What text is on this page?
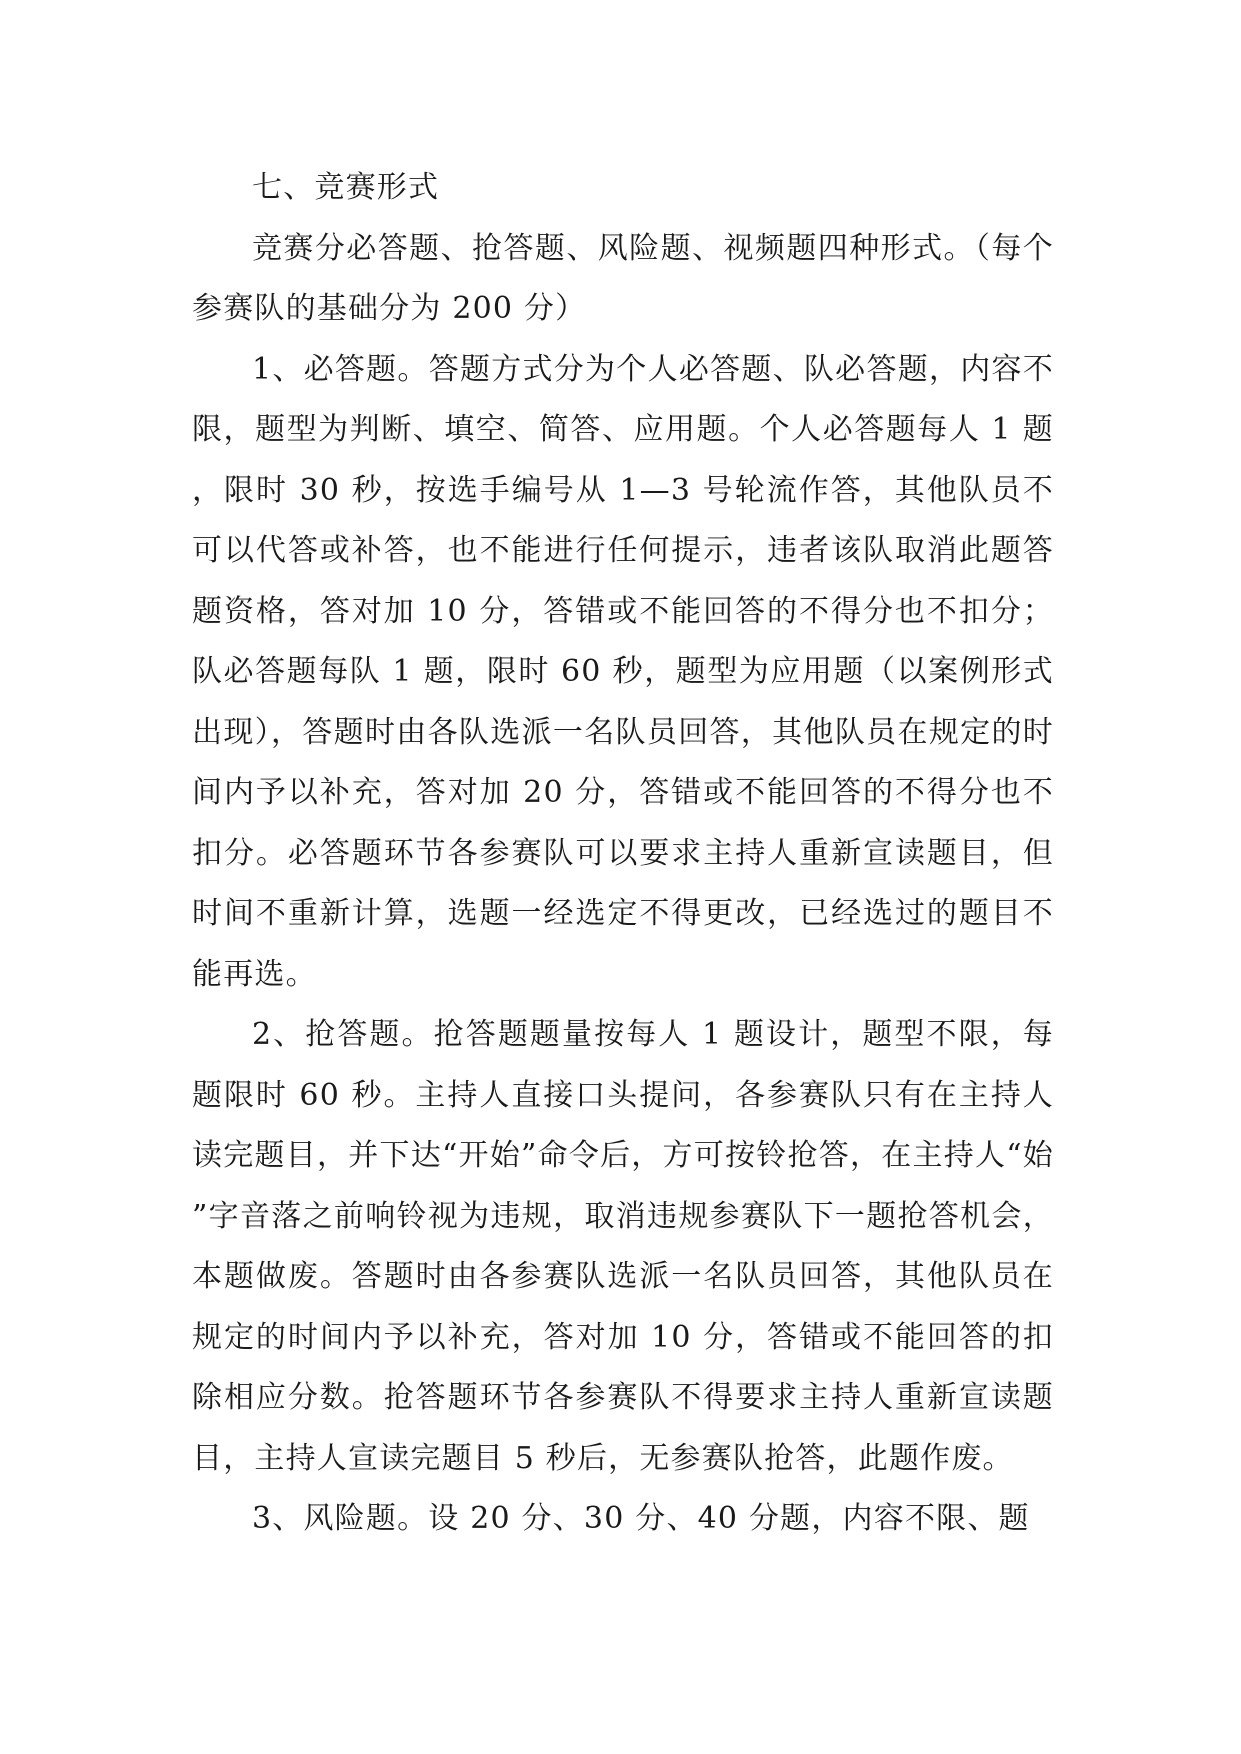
七、竞赛形式

竞赛分必答题、抢答题、风险题、视频题四种形式。（每个参赛队的基础分为 200 分）

1、必答题。答题方式分为个人必答题、队必答题，内容不限，题型为判断、填空、简答、应用题。个人必答题每人 1 题，限时 30 秒，按选手编号从 1—3 号轮流作答，其他队员不可以代答或补答，也不能进行任何提示，违者该队取消此题答题资格，答对加 10 分，答错或不能回答的不得分也不扣分；队必答题每队 1 题，限时 60 秒，题型为应用题（以案例形式出现），答题时由各队选派一名队员回答，其他队员在规定的时间内予以补充，答对加 20 分，答错或不能回答的不得分也不扣分。必答题环节各参赛队可以要求主持人重新宣读题目，但时间不重新计算，选题一经选定不得更改，已经选过的题目不能再选。

2、抢答题。抢答题题量按每人 1 题设计，题型不限，每题限时 60 秒。主持人直接口头提问，各参赛队只有在主持人读完题目，并下达“开始”命令后，方可按铃抢答，在主持人“始”字音落之前响铃视为违规，取消违规参赛队下一题抢答机会，本题做废。答题时由各参赛队选派一名队员回答，其他队员在规定的时间内予以补充，答对加 10 分，答错或不能回答的扣除相应分数。抢答题环节各参赛队不得要求主持人重新宣读题目，主持人宣读完题目 5 秒后，无参赛队抢答，此题作废。

3、风险题。设 20 分、30 分、40 分题，内容不限、题
